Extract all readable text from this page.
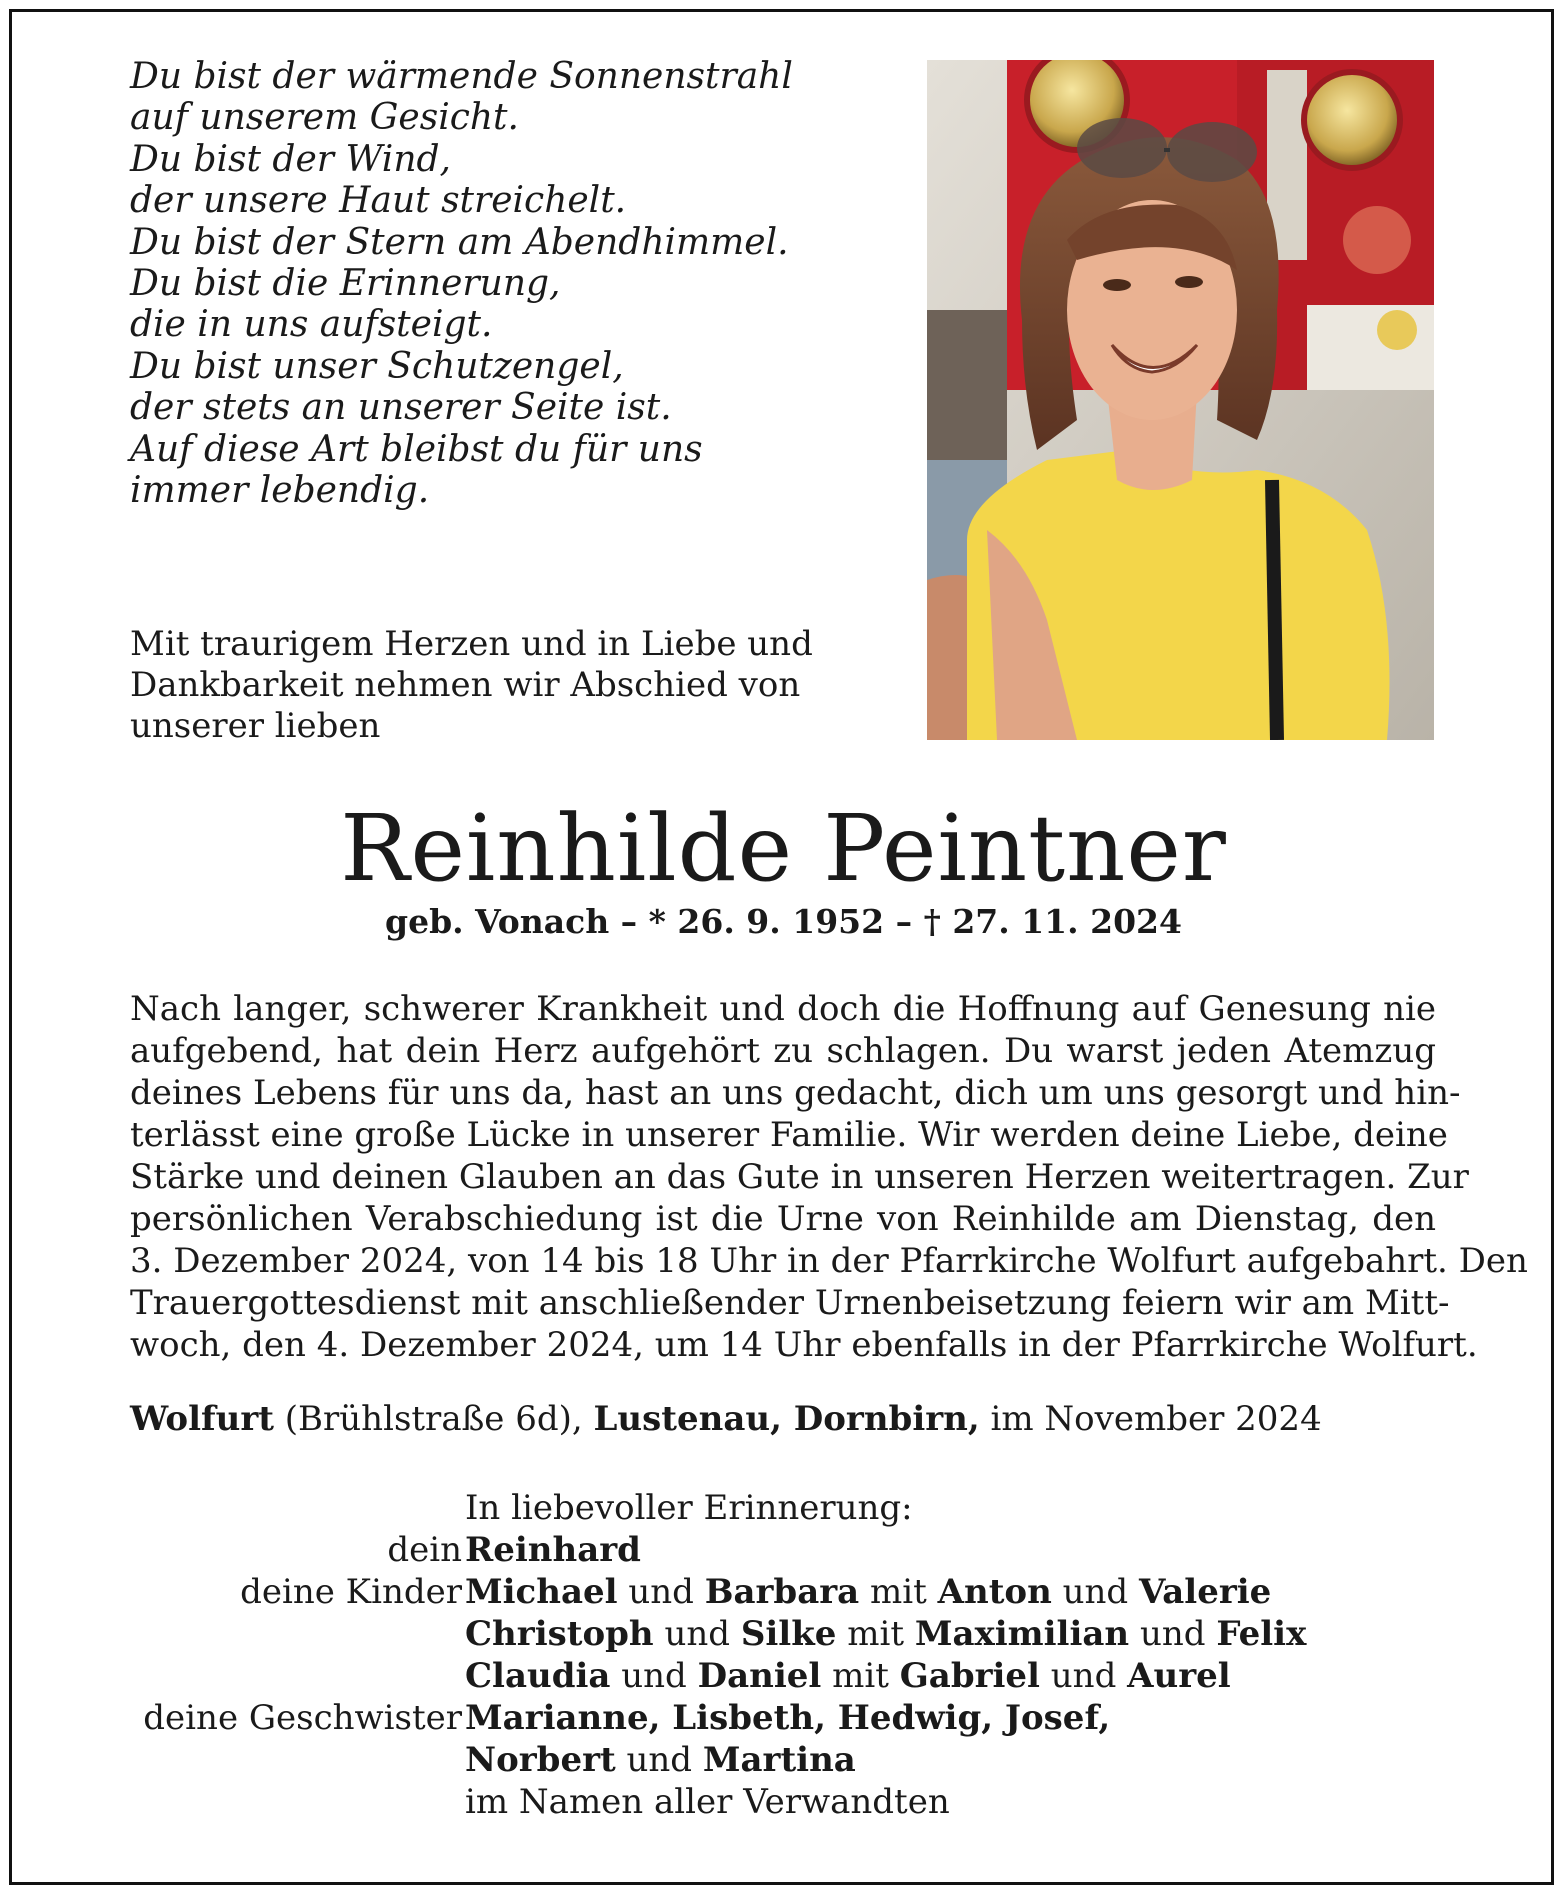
Du bist der wärmende Sonnenstrahl
auf unserem Gesicht.
Du bist der Wind,
der unsere Haut streichelt.
Du bist der Stern am Abendhimmel.
Du bist die Erinnerung,
die in uns aufsteigt.
Du bist unser Schutzengel,
der stets an unserer Seite ist.
Auf diese Art bleibst du für uns
immer lebendig.
Mit traurigem Herzen und in Liebe und
Dankbarkeit nehmen wir Abschied von
unserer lieben
Reinhilde Peintner
geb. Vonach – * 26. 9. 1952 – † 27. 11. 2024
Nach langer, schwerer Krankheit und doch die Hoffnung auf Genesung nie
aufgebend, hat dein Herz aufgehört zu schlagen. Du warst jeden Atemzug
deines Lebens für uns da, hast an uns gedacht, dich um uns gesorgt und hin-
terlässt eine große Lücke in unserer Familie. Wir werden deine Liebe, deine
Stärke und deinen Glauben an das Gute in unseren Herzen weitertragen. Zur
persönlichen Verabschiedung ist die Urne von Reinhilde am Dienstag, den
3. Dezember 2024, von 14 bis 18 Uhr in der Pfarrkirche Wolfurt aufgebahrt. Den
Trauergottesdienst mit anschließender Urnenbeisetzung feiern wir am Mitt-
woch, den 4. Dezember 2024, um 14 Uhr ebenfalls in der Pfarrkirche Wolfurt.
Wolfurt (Brühlstraße 6d), Lustenau, Dornbirn, im November 2024
In liebevoller Erinnerung:
dein Reinhard
deine Kinder Michael und Barbara mit Anton und Valerie
Christoph und Silke mit Maximilian und Felix
Claudia und Daniel mit Gabriel und Aurel
deine Geschwister Marianne, Lisbeth, Hedwig, Josef,
Norbert und Martina
im Namen aller Verwandten
